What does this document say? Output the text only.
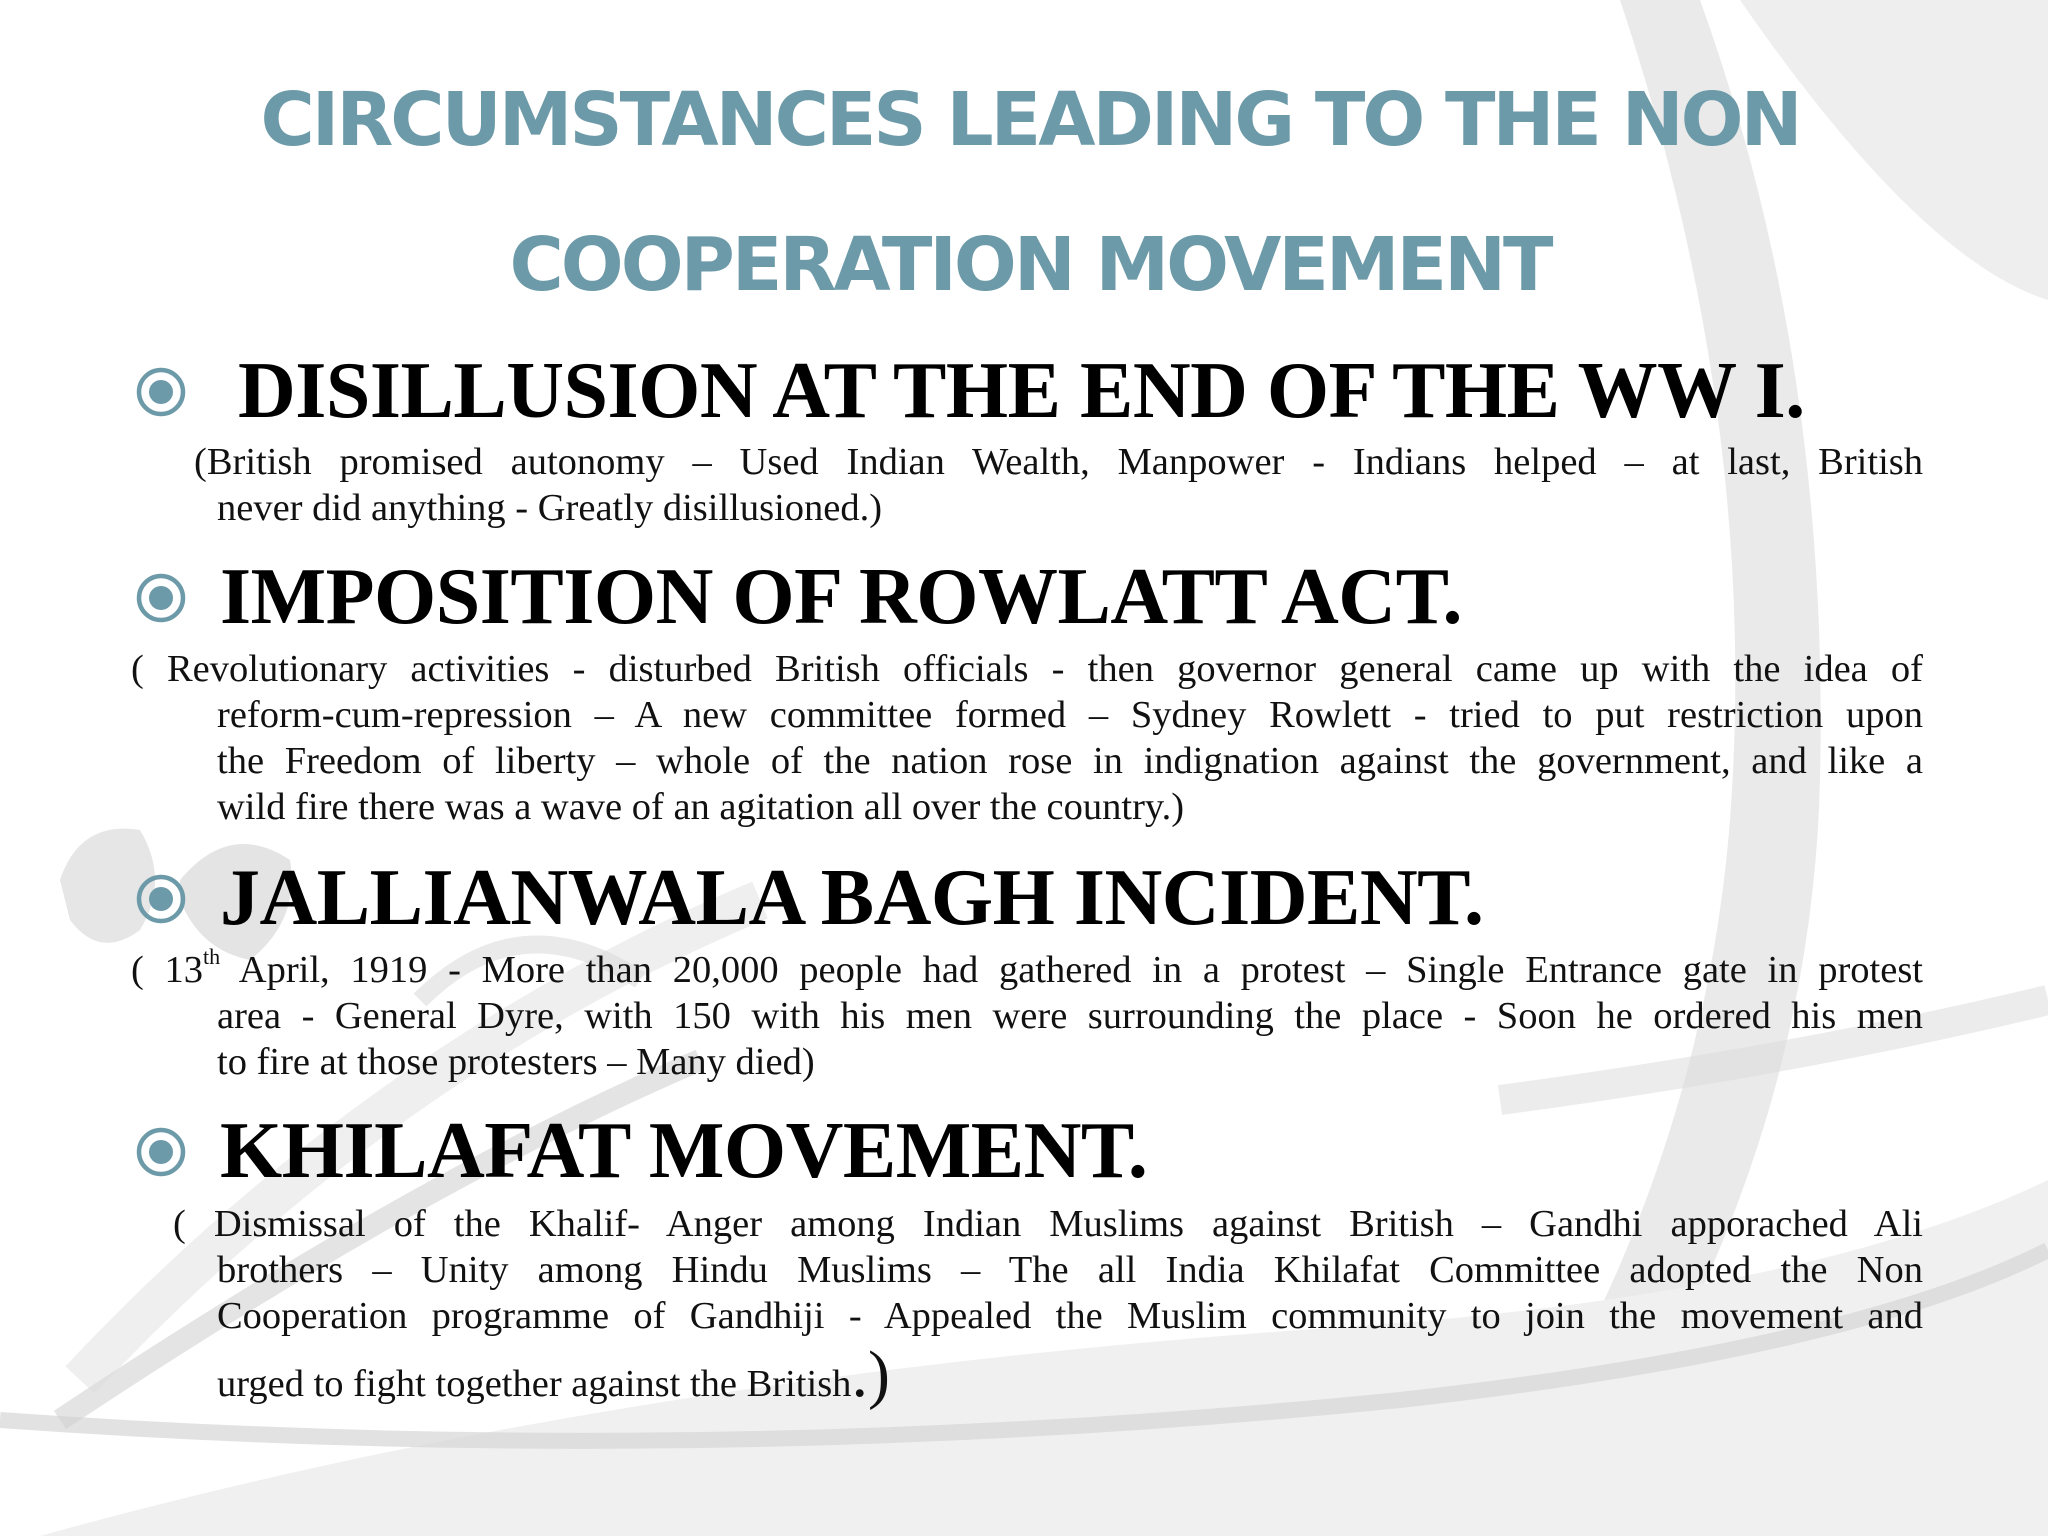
CIRCUMSTANCES LEADING TO THE NON
COOPERATION MOVEMENT
DISILLUSION AT THE END OF THE WW I.

(British promised autonomy – Used Indian Wealth, Manpower - Indians helped – at last, British
never did anything - Greatly disillusioned.)

IMPOSITION OF ROWLATT ACT.

( Revolutionary activities - disturbed British officials - then governor general came up with the idea of
reform-cum-repression – A new committee formed – Sydney Rowlett - tried to put restriction upon
the Freedom of liberty – whole of the nation rose in indignation against the government, and like a
wild fire there was a wave of an agitation all over the country.)

JALLIANWALA BAGH INCIDENT.

( 13th April, 1919 - More than 20,000 people had gathered in a protest – Single Entrance gate in protest
area - General Dyre, with 150 with his men were surrounding the place - Soon he ordered his men
to fire at those protesters – Many died)

KHILAFAT MOVEMENT.

( Dismissal of the Khalif- Anger among Indian Muslims against British – Gandhi apporached Ali
brothers – Unity among Hindu Muslims – The all India Khilafat Committee adopted the Non
Cooperation programme of Gandhiji - Appealed the Muslim community to join the movement and
urged to fight together against the British.)
